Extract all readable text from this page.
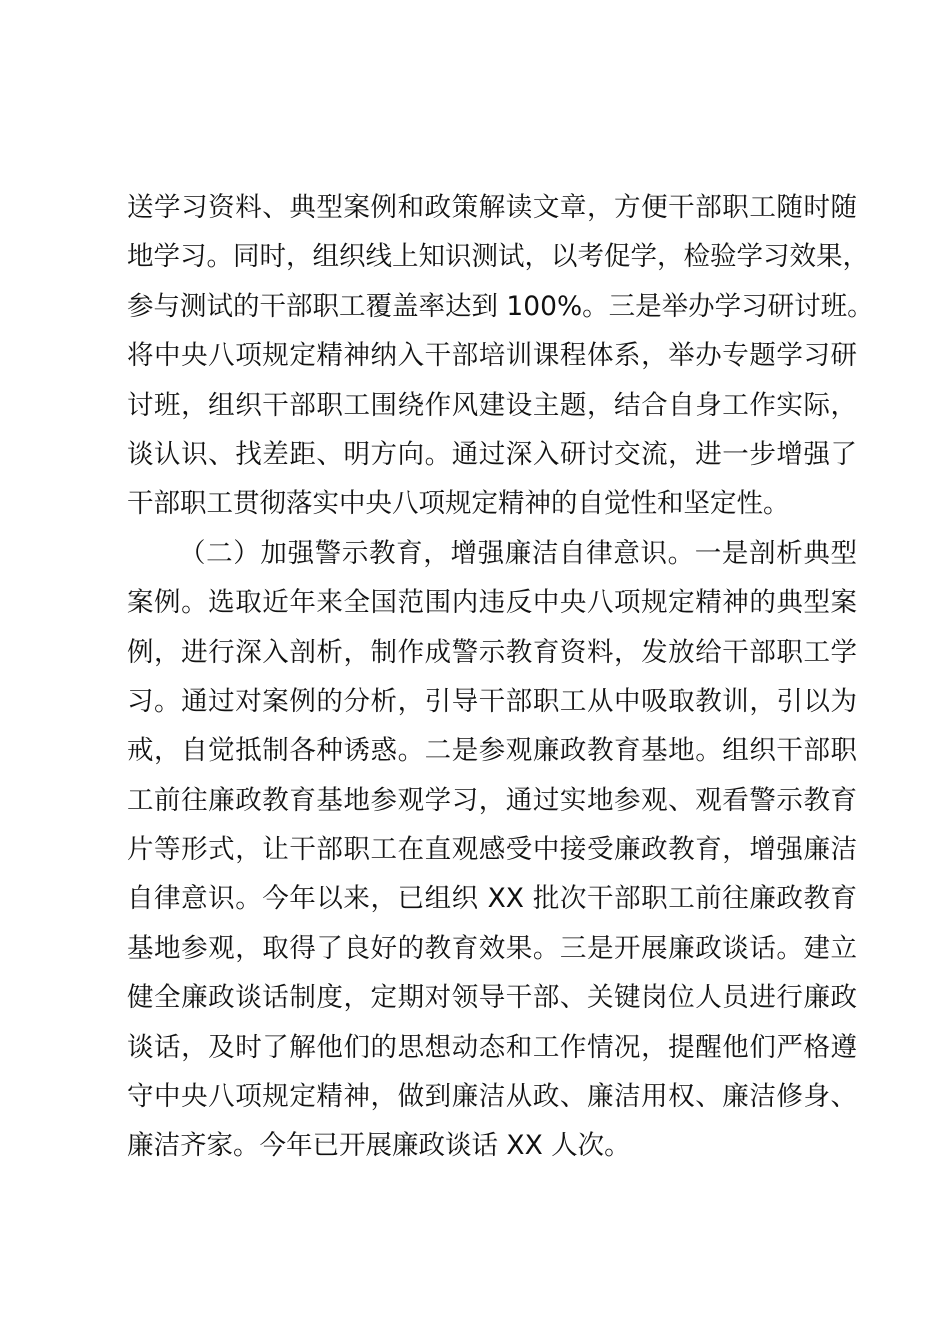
送学习资料、典型案例和政策解读文章，方便干部职工随时随
地学习。同时，组织线上知识测试，以考促学，检验学习效果，
参与测试的干部职工覆盖率达到 100%。三是举办学习研讨班。
将中央八项规定精神纳入干部培训课程体系，举办专题学习研
讨班，组织干部职工围绕作风建设主题，结合自身工作实际，
谈认识、找差距、明方向。通过深入研讨交流，进一步增强了
干部职工贯彻落实中央八项规定精神的自觉性和坚定性。
（二）加强警示教育，增强廉洁自律意识。一是剖析典型
案例。选取近年来全国范围内违反中央八项规定精神的典型案
例，进行深入剖析，制作成警示教育资料，发放给干部职工学
习。通过对案例的分析，引导干部职工从中吸取教训，引以为
戒，自觉抵制各种诱惑。二是参观廉政教育基地。组织干部职
工前往廉政教育基地参观学习，通过实地参观、观看警示教育
片等形式，让干部职工在直观感受中接受廉政教育，增强廉洁
自律意识。今年以来，已组织 XX 批次干部职工前往廉政教育
基地参观，取得了良好的教育效果。三是开展廉政谈话。建立
健全廉政谈话制度，定期对领导干部、关键岗位人员进行廉政
谈话，及时了解他们的思想动态和工作情况，提醒他们严格遵
守中央八项规定精神，做到廉洁从政、廉洁用权、廉洁修身、
廉洁齐家。今年已开展廉政谈话 XX 人次。
